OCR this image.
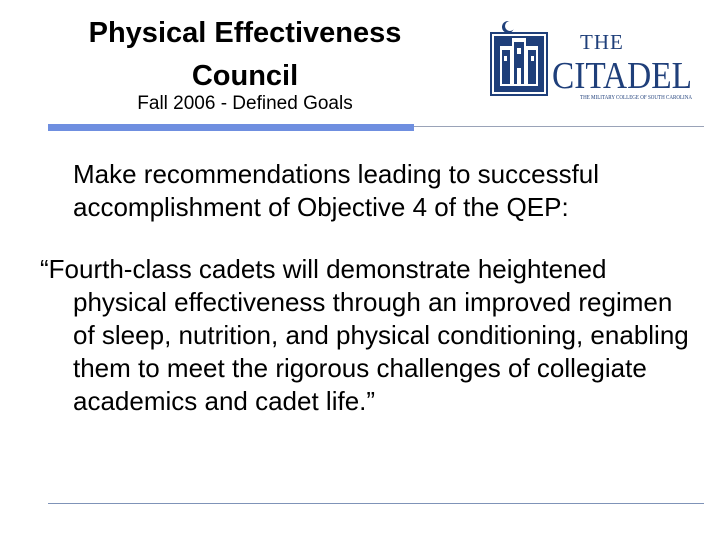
Physical Effectiveness
Council
Fall 2006 - Defined Goals
THE
CITADEL
THE MILITARY COLLEGE OF SOUTH CAROLINA
Make recommendations leading to successful accomplishment of Objective 4 of the QEP:
“Fourth-class cadets will demonstrate heightened physical effectiveness through an improved regimen of sleep, nutrition, and physical conditioning, enabling them to meet the rigorous challenges of collegiate academics and cadet life.”
